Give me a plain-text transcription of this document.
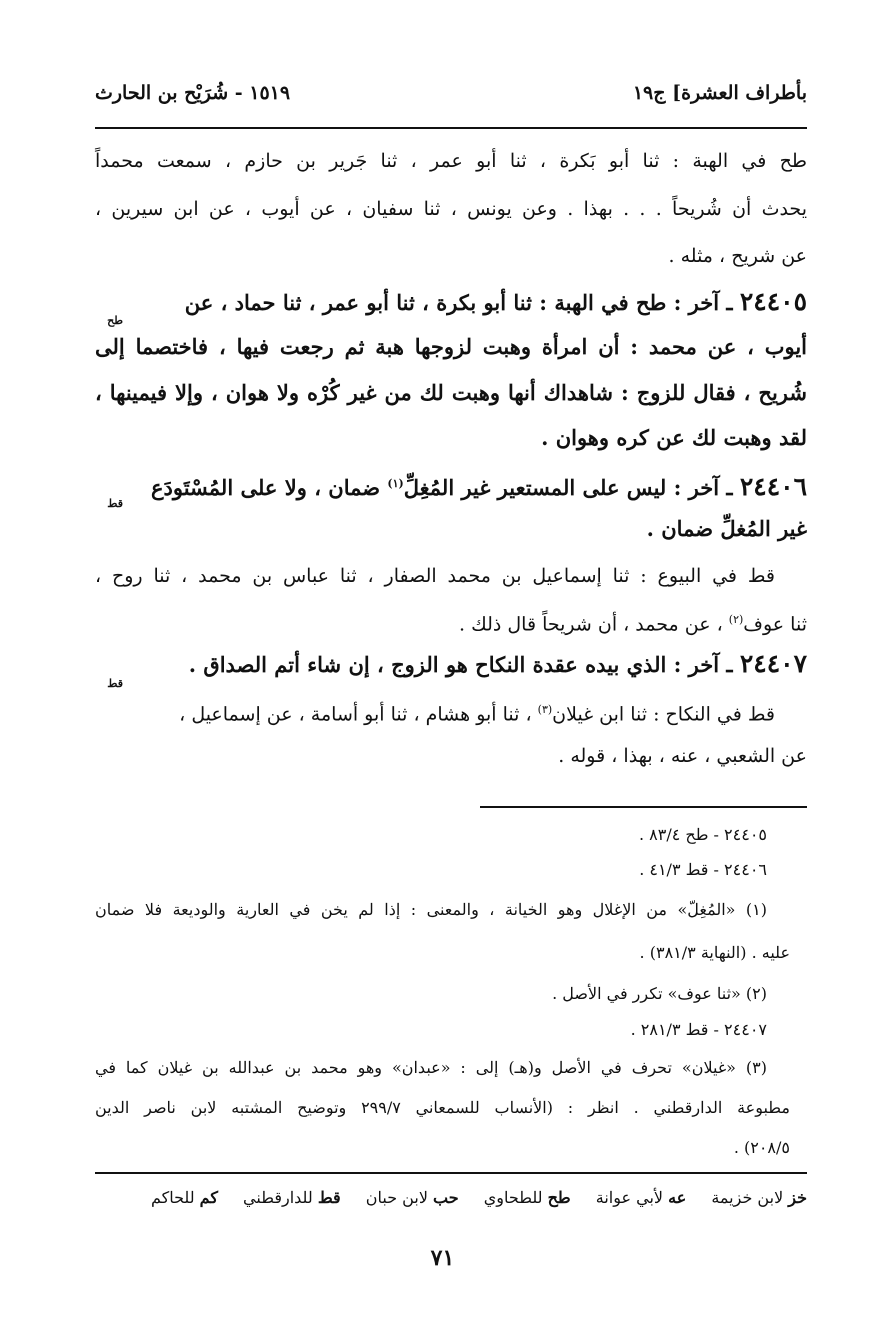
بأطراف العشرة] ج١٩
١٥١٩ - شُرَيْح بن الحارث
طح في الهبة : ثنا أبو بَكرة ، ثنا أبو عمر ، ثنا جَرير بن حازم ، سمعت محمداً
يحدث أن شُريحاً . . . بهذا . وعن يونس ، ثنا سفيان ، عن أيوب ، عن ابن سيرين ،
عن شريح ، مثله .
٢٤٤٠٥ ـ آخر : طح في الهبة : ثنا أبو بكرة ، ثنا أبو عمر ، ثنا حماد ، عن
طح
أيوب ، عن محمد : أن امرأة وهبت لزوجها هبة ثم رجعت فيها ، فاختصما إلى
شُريح ، فقال للزوج : شاهداك أنها وهبت لك من غير كُرْه ولا هوان ، وإلا فيمينها ،
لقد وهبت لك عن كره وهوان .
٢٤٤٠٦ ـ آخر : ليس على المستعير غير المُغِلِّ$^{(١)}$ ضمان ، ولا على المُسْتَودَع
قط
غير المُغلِّ ضمان .
قط في البيوع : ثنا إسماعيل بن محمد الصفار ، ثنا عباس بن محمد ، ثنا روح ،
ثنا عوف$^{(٢)}$ ، عن محمد ، أن شريحاً قال ذلك .
٢٤٤٠٧ ـ آخر : الذي بيده عقدة النكاح هو الزوج ، إن شاء أتم الصداق .
قط
قط في النكاح : ثنا ابن غيلان$^{(٣)}$ ، ثنا أبو هشام ، ثنا أبو أسامة ، عن إسماعيل ،
عن الشعبي ، عنه ، بهذا ، قوله .
٢٤٤٠٥ - طح ٨٣/٤ .
٢٤٤٠٦ - قط ٤١/٣ .
(١) «المُغِلّ» من الإغلال وهو الخيانة ، والمعنى : إذا لم يخن في العارية والوديعة فلا ضمان
عليه . (النهاية ٣٨١/٣) .
(٢) «ثنا عوف» تكرر في الأصل .
٢٤٤٠٧ - قط ٢٨١/٣ .
(٣) «غيلان» تحرف في الأصل و(هـ) إلى : «عبدان» وهو محمد بن عبدالله بن غيلان كما في
مطبوعة الدارقطني . انظر : (الأنساب للسمعاني ٢٩٩/٧ وتوضيح المشتبه لابن ناصر الدين
٢٠٨/٥) .
خز لابن خزيمة عه لأبي عوانة طح للطحاوي حب لابن حبان قط للدارقطني كم للحاكم
٧١
